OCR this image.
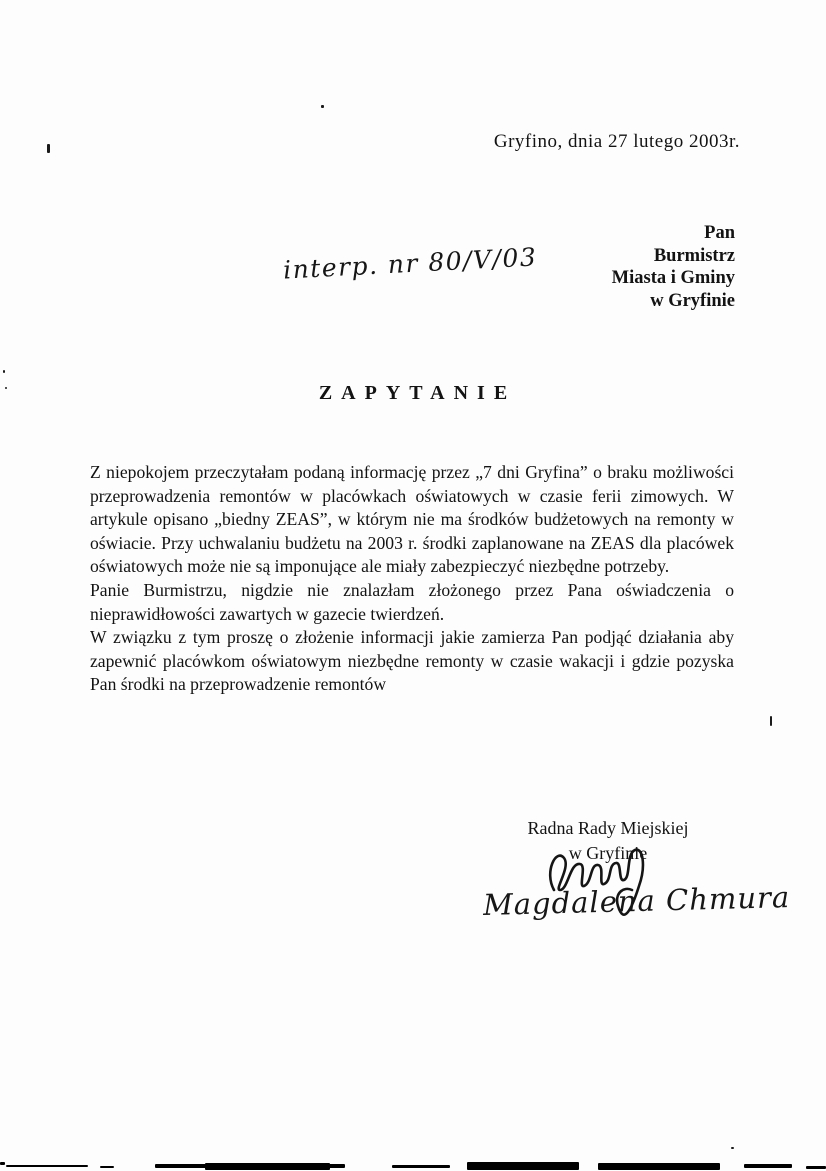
Gryfino, dnia 27 lutego 2003r.
Pan
Burmistrz
Miasta i Gminy
w Gryfinie
interp. nr 80/V/03
ZAPYTANIE

Z niepokojem przeczytałam podaną informację przez „7 dni Gryfina” o braku możliwości przeprowadzenia remontów w placówkach oświatowych w czasie ferii zimowych. W artykule opisano „biedny ZEAS”, w którym nie ma środków budżetowych na remonty w oświacie. Przy uchwalaniu budżetu na 2003 r. środki zaplanowane na ZEAS dla placówek oświatowych może nie są imponujące ale miały zabezpieczyć niezbędne potrzeby.

Panie Burmistrzu, nigdzie nie znalazłam złożonego przez Pana oświadczenia o nieprawidłowości zawartych w gazecie twierdzeń.

W związku z tym proszę o złożenie informacji jakie zamierza Pan podjąć działania aby zapewnić placówkom oświatowym niezbędne remonty w czasie wakacji i gdzie pozyska Pan środki na przeprowadzenie remontów

Radna Rady Miejskiej
w Gryfinie
Magdalena Chmura
